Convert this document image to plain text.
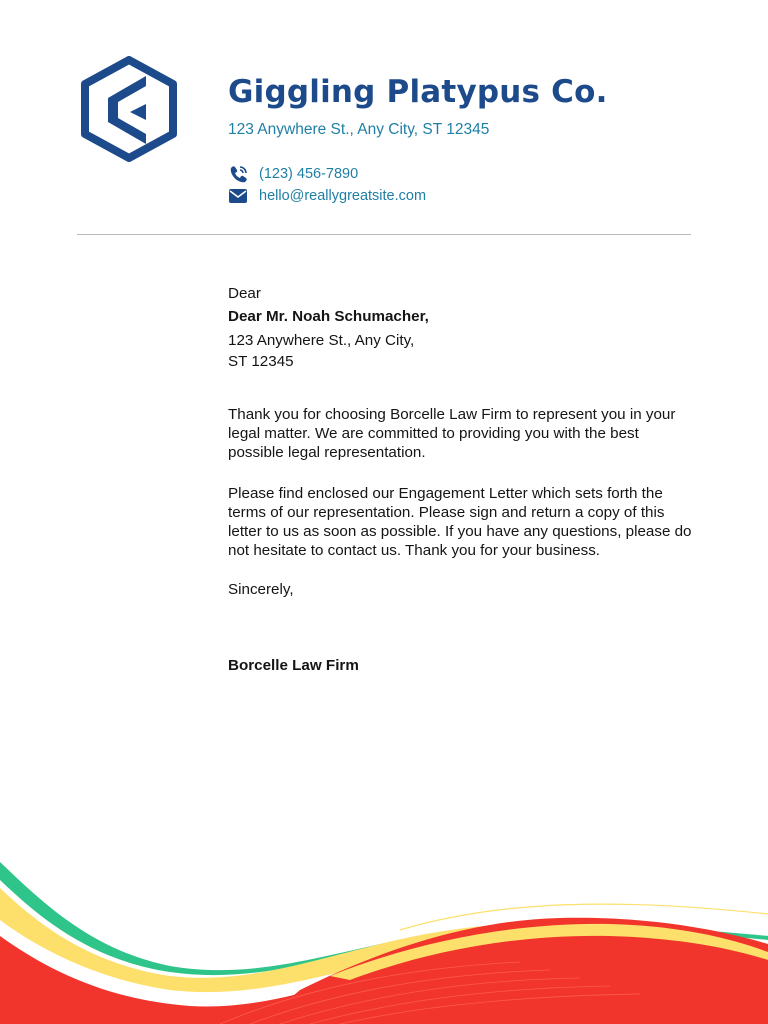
Giggling Platypus Co.
123 Anywhere St., Any City, ST 12345
(123) 456-7890
hello@reallygreatsite.com
Dear
Dear Mr. Noah Schumacher,
123 Anywhere St., Any City,
ST 12345
Thank you for choosing Borcelle Law Firm to represent you in your legal matter. We are committed to providing you with the best possible legal representation.
Please find enclosed our Engagement Letter which sets forth the terms of our representation. Please sign and return a copy of this letter to us as soon as possible. If you have any questions, please do not hesitate to contact us. Thank you for your business.
Sincerely,
Borcelle Law Firm
